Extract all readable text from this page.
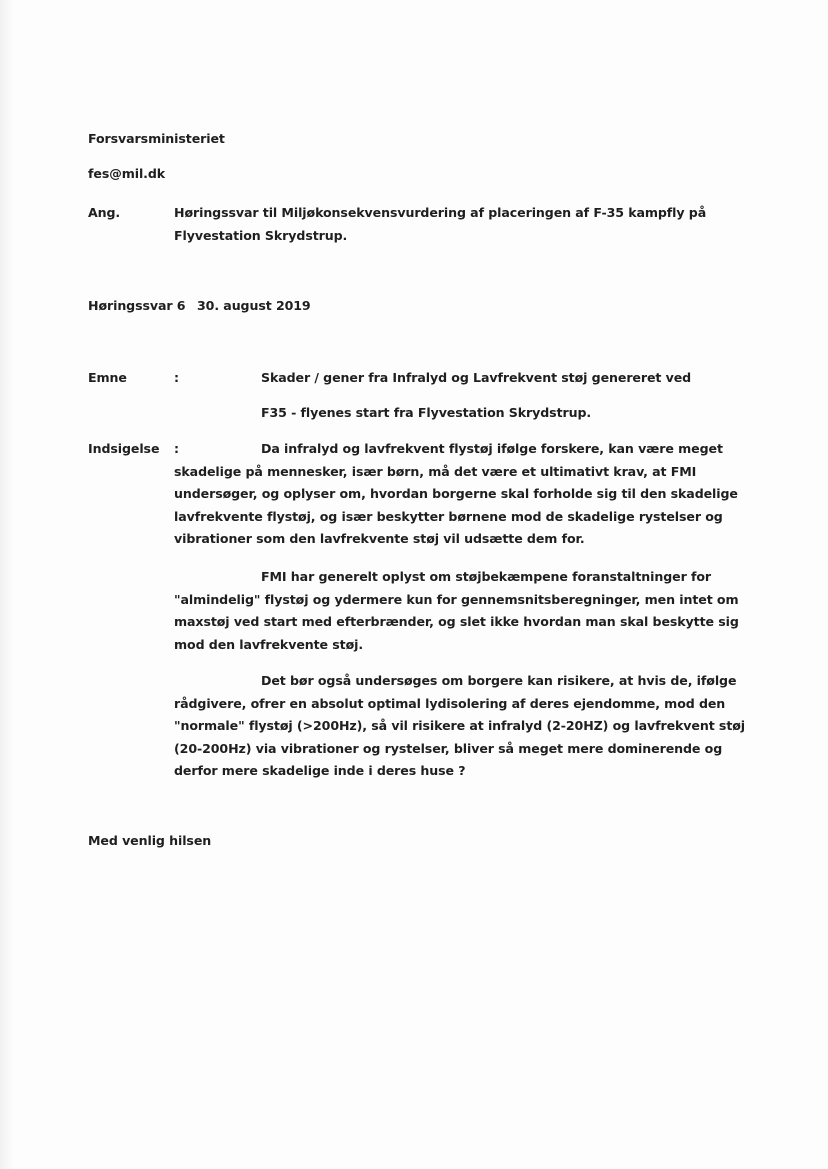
Forsvarsministeriet
fes@mil.dk
Ang.	Høringssvar til Miljøkonsekvensvurdering af placeringen af F-35 kampfly på
Flyvestation Skrydstrup.
Høringssvar 6 30. august 2019
Emne	:	Skader / gener fra Infralyd og Lavfrekvent støj genereret ved
F35 - flyenes start fra Flyvestation Skrydstrup.
Indsigelse :	Da infralyd og lavfrekvent flystøj ifølge forskere, kan være meget
skadelige på mennesker, især børn, må det være et ultimativt krav, at FMI
undersøger, og oplyser om, hvordan borgerne skal forholde sig til den skadelige
lavfrekvente flystøj, og især beskytter børnene mod de skadelige rystelser og
vibrationer som den lavfrekvente støj vil udsætte dem for.
FMI har generelt oplyst om støjbekæmpene foranstaltninger for
"almindelig" flystøj og ydermere kun for gennemsnitsberegninger, men intet om
maxstøj ved start med efterbrænder, og slet ikke hvordan man skal beskytte sig
mod den lavfrekvente støj.
Det bør også undersøges om borgere kan risikere, at hvis de, ifølge
rådgivere, ofrer en absolut optimal lydisolering af deres ejendomme, mod den
"normale" flystøj (>200Hz), så vil risikere at infralyd (2-20HZ) og lavfrekvent støj
(20-200Hz) via vibrationer og rystelser, bliver så meget mere dominerende og
derfor mere skadelige inde i deres huse ?
Med venlig hilsen
